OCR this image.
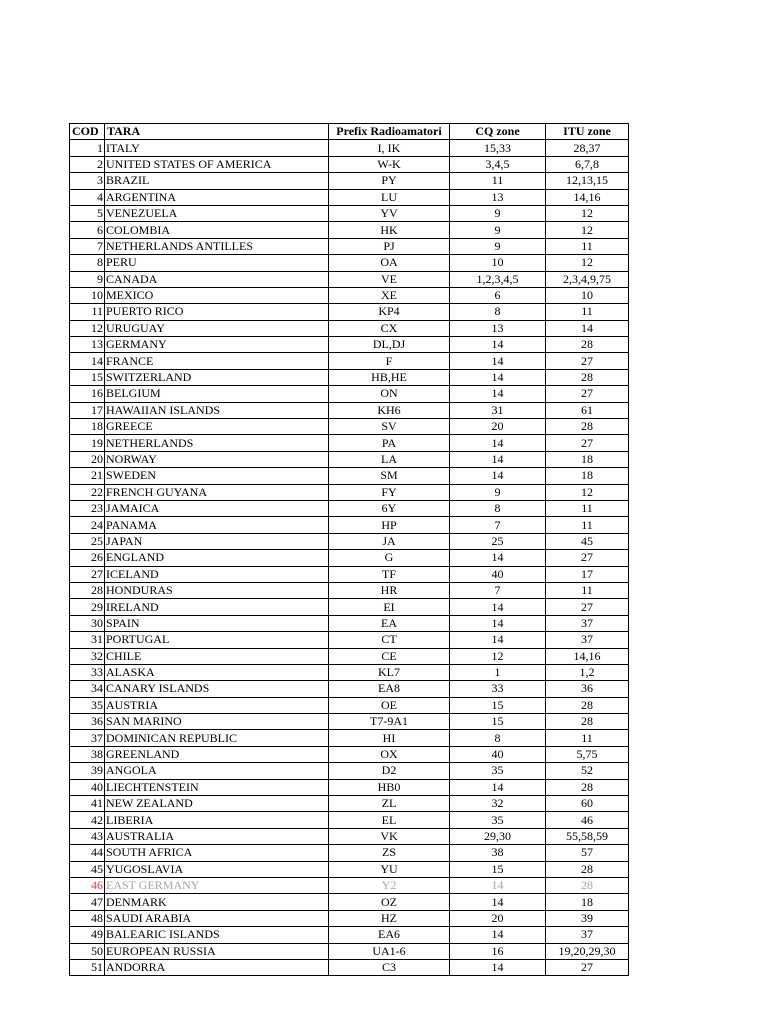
COD	TARA	Prefix Radioamatori	CQ zone	ITU zone
1	ITALY	I, IK	15,33	28,37
2	UNITED STATES OF AMERICA	W-K	3,4,5	6,7,8
3	BRAZIL	PY	11	12,13,15
4	ARGENTINA	LU	13	14,16
5	VENEZUELA	YV	9	12
6	COLOMBIA	HK	9	12
7	NETHERLANDS ANTILLES	PJ	9	11
8	PERU	OA	10	12
9	CANADA	VE	1,2,3,4,5	2,3,4,9,75
10	MEXICO	XE	6	10
11	PUERTO RICO	KP4	8	11
12	URUGUAY	CX	13	14
13	GERMANY	DL,DJ	14	28
14	FRANCE	F	14	27
15	SWITZERLAND	HB,HE	14	28
16	BELGIUM	ON	14	27
17	HAWAIIAN ISLANDS	KH6	31	61
18	GREECE	SV	20	28
19	NETHERLANDS	PA	14	27
20	NORWAY	LA	14	18
21	SWEDEN	SM	14	18
22	FRENCH GUYANA	FY	9	12
23	JAMAICA	6Y	8	11
24	PANAMA	HP	7	11
25	JAPAN	JA	25	45
26	ENGLAND	G	14	27
27	ICELAND	TF	40	17
28	HONDURAS	HR	7	11
29	IRELAND	EI	14	27
30	SPAIN	EA	14	37
31	PORTUGAL	CT	14	37
32	CHILE	CE	12	14,16
33	ALASKA	KL7	1	1,2
34	CANARY ISLANDS	EA8	33	36
35	AUSTRIA	OE	15	28
36	SAN MARINO	T7-9A1	15	28
37	DOMINICAN REPUBLIC	HI	8	11
38	GREENLAND	OX	40	5,75
39	ANGOLA	D2	35	52
40	LIECHTENSTEIN	HB0	14	28
41	NEW ZEALAND	ZL	32	60
42	LIBERIA	EL	35	46
43	AUSTRALIA	VK	29,30	55,58,59
44	SOUTH AFRICA	ZS	38	57
45	YUGOSLAVIA	YU	15	28
46	EAST GERMANY	Y2	14	28
47	DENMARK	OZ	14	18
48	SAUDI ARABIA	HZ	20	39
49	BALEARIC ISLANDS	EA6	14	37
50	EUROPEAN RUSSIA	UA1-6	16	19,20,29,30
51	ANDORRA	C3	14	27
